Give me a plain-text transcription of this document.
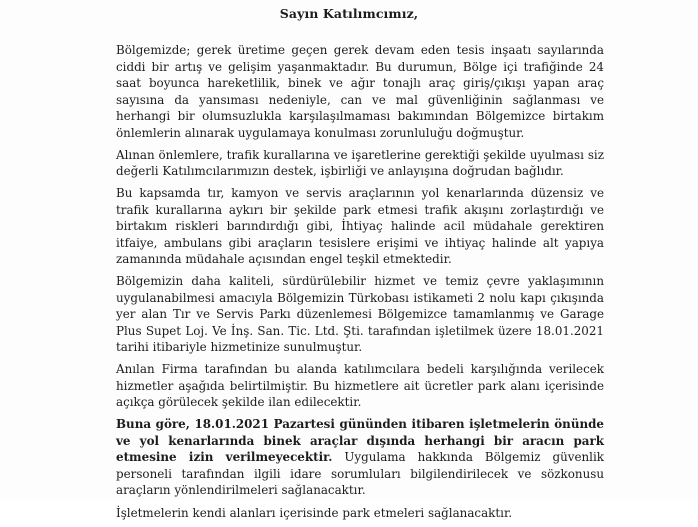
Sayın Katılımcımız,

Bölgemizde; gerek üretime geçen gerek devam eden tesis inşaatı sayılarında ciddi bir artış ve gelişim yaşanmaktadır. Bu durumun, Bölge içi trafiğinde 24 saat boyunca hareketlilik, binek ve ağır tonajlı araç giriş/çıkışı yapan araç sayısına da yansıması nedeniyle, can ve mal güvenliğinin sağlanması ve herhangi bir olumsuzlukla karşılaşılmaması bakımından Bölgemizce birtakım önlemlerin alınarak uygulamaya konulması zorunluluğu doğmuştur.

Alınan önlemlere, trafik kurallarına ve işaretlerine gerektiği şekilde uyulması siz değerli Katılımcılarımızın destek, işbirliği ve anlayışına doğrudan bağlıdır.

Bu kapsamda tır, kamyon ve servis araçlarının yol kenarlarında düzensiz ve trafik kurallarına aykırı bir şekilde park etmesi trafik akışını zorlaştırdığı ve birtakım riskleri barındırdığı gibi, İhtiyaç halinde acil müdahale gerektiren itfaiye, ambulans gibi araçların tesislere erişimi ve ihtiyaç halinde alt yapıya zamanında müdahale açısından engel teşkil etmektedir.

Bölgemizin daha kaliteli, sürdürülebilir hizmet ve temiz çevre yaklaşımının uygulanabilmesi amacıyla Bölgemizin Türkobası istikameti 2 nolu kapı çıkışında yer alan Tır ve Servis Parkı düzenlemesi Bölgemizce tamamlanmış ve Garage Plus Supet Loj. Ve İnş. San. Tic. Ltd. Şti. tarafından işletilmek üzere 18.01.2021 tarihi itibariyle hizmetinize sunulmuştur.

Anılan Firma tarafından bu alanda katılımcılara bedeli karşılığında verilecek hizmetler aşağıda belirtilmiştir. Bu hizmetlere ait ücretler park alanı içerisinde açıkça görülecek şekilde ilan edilecektir.

Buna göre, 18.01.2021 Pazartesi gününden itibaren işletmelerin önünde ve yol kenarlarında binek araçlar dışında herhangi bir aracın park etmesine izin verilmeyecektir. Uygulama hakkında Bölgemiz güvenlik personeli tarafından ilgili idare sorumluları bilgilendirilecek ve sözkonusu araçların yönlendirilmeleri sağlanacaktır.

İşletmelerin kendi alanları içerisinde park etmeleri sağlanacaktır.
